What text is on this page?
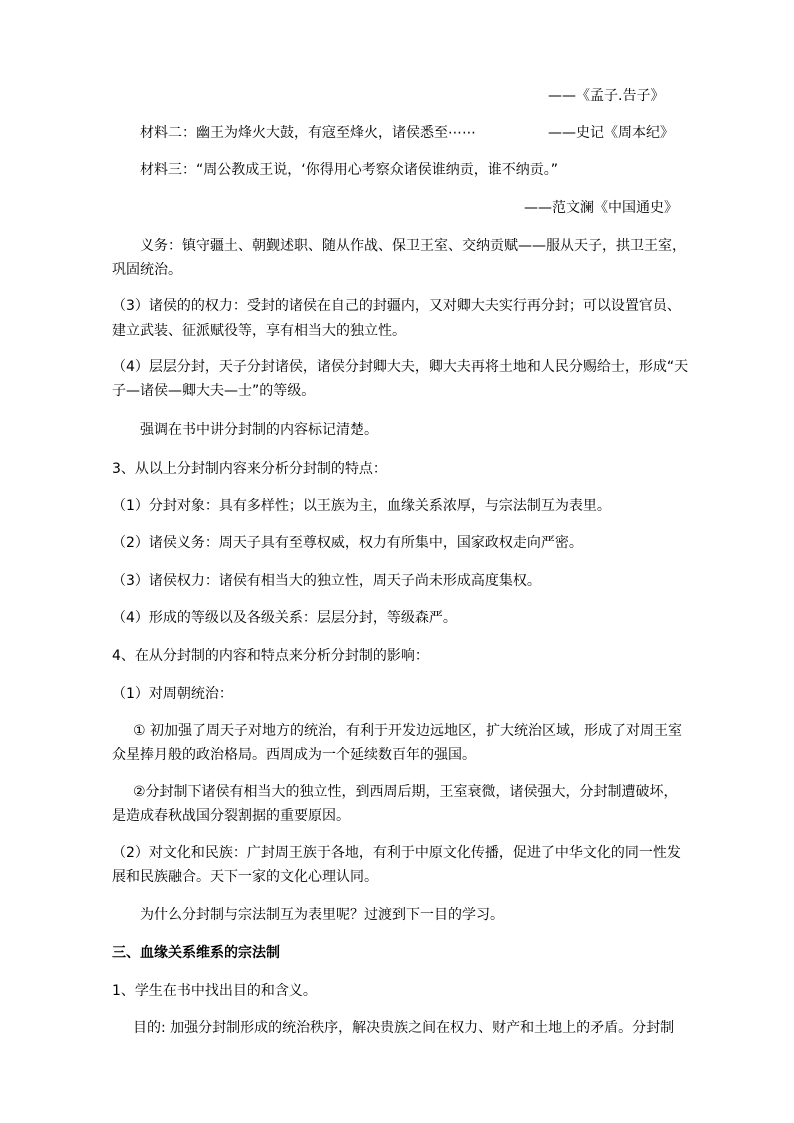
——《孟子.告子》
材料二：幽王为烽火大鼓，有寇至烽火，诸侯悉至⋯⋯	——史记《周本纪》
材料三：“周公教成王说，‘你得用心考察众诸侯谁纳贡，谁不纳贡。”
——范文澜《中国通史》
义务：镇守疆土、朝觐述职、随从作战、保卫王室、交纳贡赋——服从天子，拱卫王室，
巩固统治。
（3）诸侯的的权力：受封的诸侯在自己的封疆内，又对卿大夫实行再分封；可以设置官员、
建立武装、征派赋役等，享有相当大的独立性。
（4）层层分封，天子分封诸侯，诸侯分封卿大夫，卿大夫再将土地和人民分赐给士，形成“天
子—诸侯—卿大夫—士”的等级。
强调在书中讲分封制的内容标记清楚。
3、从以上分封制内容来分析分封制的特点：
（1）分封对象：具有多样性；以王族为主，血缘关系浓厚，与宗法制互为表里。
（2）诸侯义务：周天子具有至尊权威，权力有所集中，国家政权走向严密。
（3）诸侯权力：诸侯有相当大的独立性，周天子尚未形成高度集权。
（4）形成的等级以及各级关系：层层分封，等级森严。
4、在从分封制的内容和特点来分析分封制的影响：
（1）对周朝统治：
① 初加强了周天子对地方的统治，有利于开发边远地区，扩大统治区域，形成了对周王室
众星捧月般的政治格局。西周成为一个延续数百年的强国。
②分封制下诸侯有相当大的独立性，到西周后期，王室衰微，诸侯强大，分封制遭破坏，
是造成春秋战国分裂割据的重要原因。
（2）对文化和民族：广封周王族于各地，有利于中原文化传播，促进了中华文化的同一性发
展和民族融合。天下一家的文化心理认同。
为什么分封制与宗法制互为表里呢？过渡到下一目的学习。
三、血缘关系维系的宗法制
1、学生在书中找出目的和含义。
目的: 加强分封制形成的统治秩序，解决贵族之间在权力、财产和土地上的矛盾。分封制
